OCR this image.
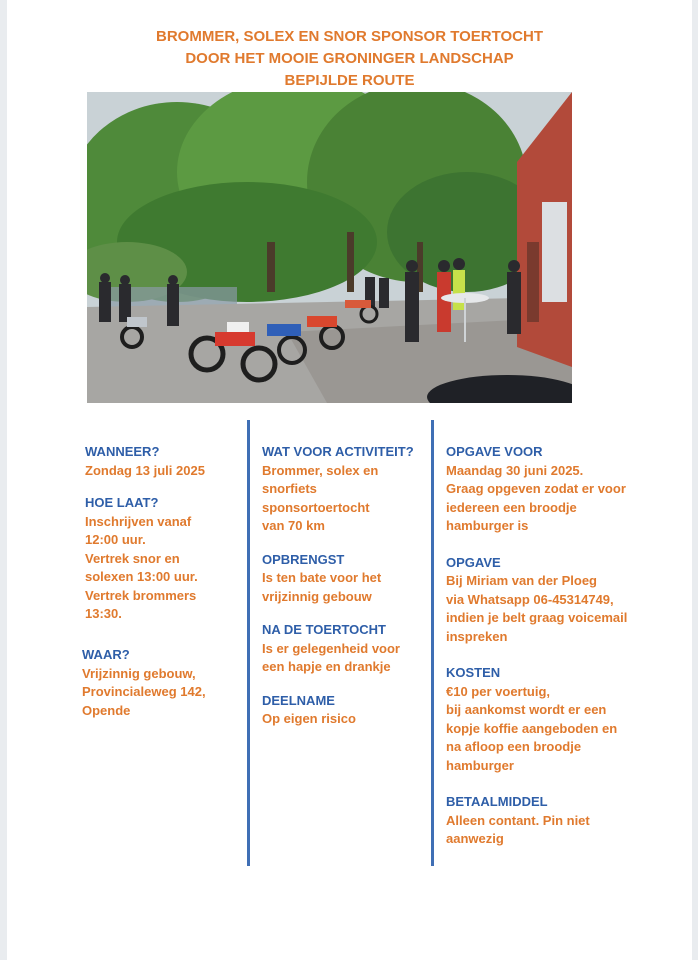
BROMMER, SOLEX EN SNOR SPONSOR TOERTOCHT
DOOR HET MOOIE GRONINGER LANDSCHAP
BEPIJLDE ROUTE
WANNEER?
Zondag 13 juli 2025
HOE LAAT?
Inschrijven vanaf
12:00 uur.
Vertrek snor en
solexen 13:00 uur.
Vertrek brommers
13:30.
WAAR?
Vrijzinnig gebouw,
Provincialeweg 142,
Opende
WAT VOOR ACTIVITEIT?
Brommer, solex en
snorfiets
sponsortoertocht
van 70 km
OPBRENGST
Is ten bate voor het
vrijzinnig gebouw
NA DE TOERTOCHT
Is er gelegenheid voor
een hapje en drankje
DEELNAME
Op eigen risico
OPGAVE VOOR
Maandag 30 juni 2025.
Graag opgeven zodat er voor
iedereen een broodje
hamburger is
OPGAVE
Bij Miriam van der Ploeg
via Whatsapp 06-45314749,
indien je belt graag voicemail
inspreken
KOSTEN
€10 per voertuig,
bij aankomst wordt er een
kopje koffie aangeboden en
na afloop een broodje
hamburger
BETAALMIDDEL
Alleen contant. Pin niet
aanwezig
